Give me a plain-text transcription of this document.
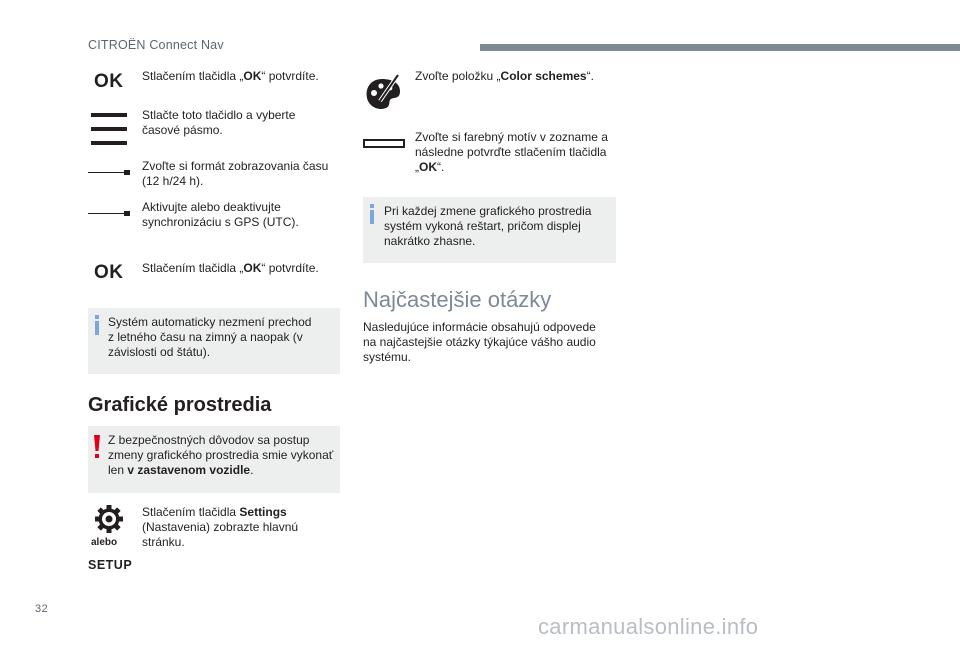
CITROËN Connect Nav
OK Stlačením tlačidla „OK“ potvrdíte.
Stlačte toto tlačidlo a vyberte
časové pásmo.
Zvoľte si formát zobrazovania času
(12 h/24 h).
Aktivujte alebo deaktivujte
synchronizáciu s GPS (UTC).
OK Stlačením tlačidla „OK“ potvrdíte.
Systém automaticky nezmení prechod
z letného času na zimný a naopak (v
závislosti od štátu).
Grafické prostredia
Z bezpečnostných dôvodov sa postup
zmeny grafického prostredia smie vykonať
len v zastavenom vozidle.
alebo
SETUP
Stlačením tlačidla Settings
(Nastavenia) zobrazte hlavnú
stránku.
Zvoľte položku „Color schemes“.
Zvoľte si farebný motív v zozname a
následne potvrďte stlačením tlačidla
„OK“.
Pri každej zmene grafického prostredia
systém vykoná reštart, pričom displej
nakrátko zhasne.
Najčastejšie otázky
Nasledujúce informácie obsahujú odpovede
na najčastejšie otázky týkajúce vášho audio
systému.
32
carmanualsonline.info
